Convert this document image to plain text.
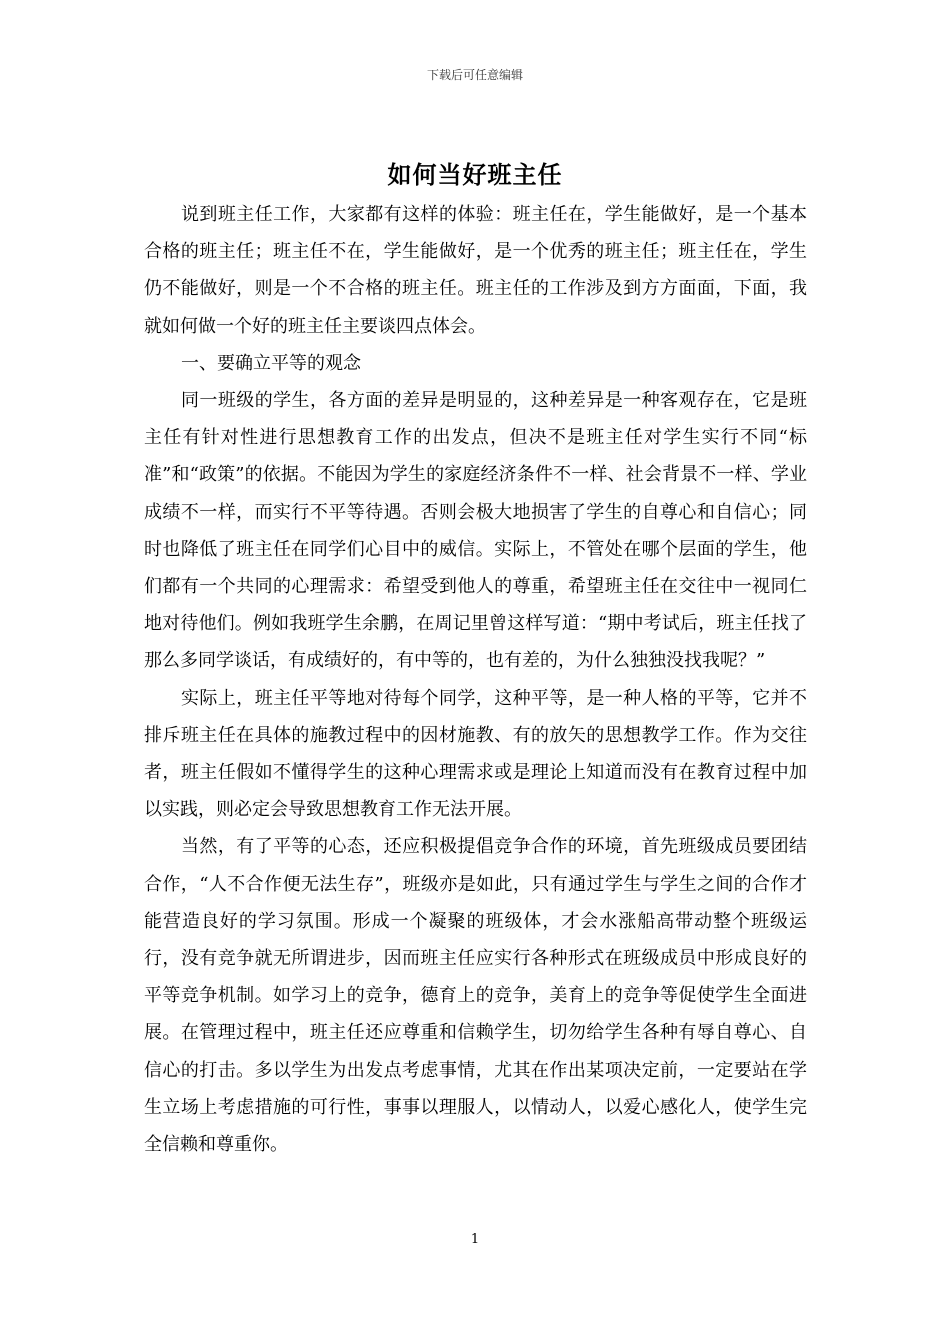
下载后可任意编辑
如何当好班主任

说到班主任工作，大家都有这样的体验：班主任在，学生能做好，是一个基本合格的班主任；班主任不在，学生能做好，是一个优秀的班主任；班主任在，学生仍不能做好，则是一个不合格的班主任。班主任的工作涉及到方方面面，下面，我就如何做一个好的班主任主要谈四点体会。

一、要确立平等的观念

同一班级的学生，各方面的差异是明显的，这种差异是一种客观存在，它是班主任有针对性进行思想教育工作的出发点，但决不是班主任对学生实行不同“标准”和“政策”的依据。不能因为学生的家庭经济条件不一样、社会背景不一样、学业成绩不一样，而实行不平等待遇。否则会极大地损害了学生的自尊心和自信心；同时也降低了班主任在同学们心目中的威信。实际上，不管处在哪个层面的学生，他们都有一个共同的心理需求：希望受到他人的尊重，希望班主任在交往中一视同仁地对待他们。例如我班学生余鹏，在周记里曾这样写道：“期中考试后，班主任找了那么多同学谈话，有成绩好的，有中等的，也有差的，为什么独独没找我呢？”

实际上，班主任平等地对待每个同学，这种平等，是一种人格的平等，它并不排斥班主任在具体的施教过程中的因材施教、有的放矢的思想教学工作。作为交往者，班主任假如不懂得学生的这种心理需求或是理论上知道而没有在教育过程中加以实践，则必定会导致思想教育工作无法开展。

当然，有了平等的心态，还应积极提倡竞争合作的环境，首先班级成员要团结合作，“人不合作便无法生存”，班级亦是如此，只有通过学生与学生之间的合作才能营造良好的学习氛围。形成一个凝聚的班级体，才会水涨船高带动整个班级运行，没有竞争就无所谓进步，因而班主任应实行各种形式在班级成员中形成良好的平等竞争机制。如学习上的竞争，德育上的竞争，美育上的竞争等促使学生全面进展。在管理过程中，班主任还应尊重和信赖学生，切勿给学生各种有辱自尊心、自信心的打击。多以学生为出发点考虑事情，尤其在作出某项决定前，一定要站在学生立场上考虑措施的可行性，事事以理服人，以情动人，以爱心感化人，使学生完全信赖和尊重你。

1
